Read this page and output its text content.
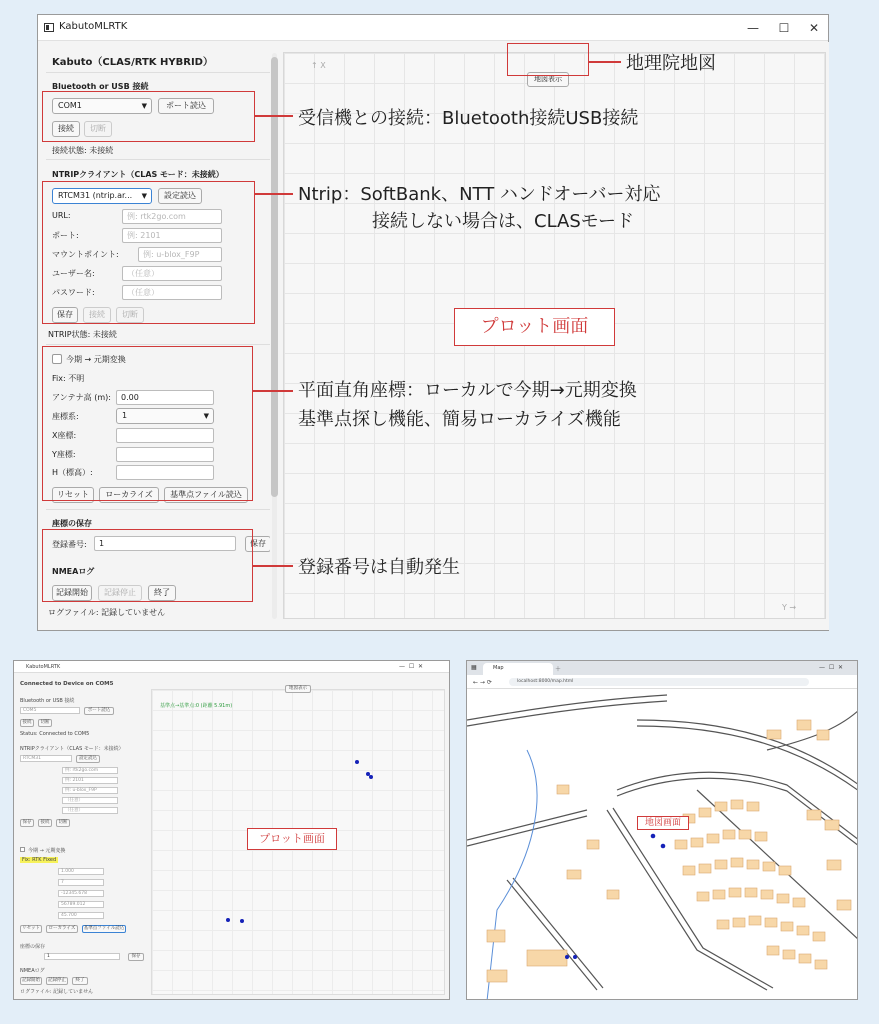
KabutoMLRTK	—	☐	✕
Kabuto（CLAS/RTK HYBRID）
Bluetooth or USB 接続
COM1	▼	ポート読込
接続	切断
接続状態: 未接続
NTRIPクライアント（CLAS モード：未接続）
RTCM31 (ntrip.ar... ▼	設定読込
URL:	例: rtk2go.com
ポート:	例: 2101
マウントポイント:	例: u-blox_F9P
ユーザー名:	（任意）
パスワード:	（任意）
保存	接続	切断
NTRIP状態: 未接続
今期 → 元期変換
Fix: 不明
アンテナ高 (m):	0.00
座標系:	1	▼
X座標:
Y座標:
H（標高）:
リセット	ローカライズ	基準点ファイル読込
座標の保存
登録番号:	1	保存
NMEAログ
記録開始	記録停止	終了
ログファイル: 記録していません
↑ X
Y →
地図表示
地理院地図
受信機との接続：Bluetooth接続USB接続
Ntrip：SoftBank、NTT ハンドオーバー対応
接続しない場合は、CLASモード
平面直角座標：ローカルで今期→元期変換
基準点探し機能、簡易ローカライズ機能
登録番号は自動発生
プロット画面
KabutoMLRTK	—  ☐  ✕
Connected to Device on COM5
Bluetooth or USB 接続
COM5	ポート読込
接続	切断
Status: Connected to COM5
NTRIPクライアント（CLAS モード：未接続）
RTCM31	設定読込
例: rtk2go.com
例: 2101
例: u-blox_F9P
（任意）
（任意）
保存	接続	切断
今期 → 元期変換
Fix: RTK Fixed
1.000
7
-12345.678
56789.012
45.700
リセット	ローカライズ	基準点ファイル読込
座標の保存
1	保存
NMEAログ
記録開始	記録停止	終了
ログファイル: 記録していません
基準点→基準点:0 (距離 5.91m)
地図表示
プロット画面
▦	Map	＋	—  ☐  ✕
← → ⟳	localhost:8000/map.html
地図画面
